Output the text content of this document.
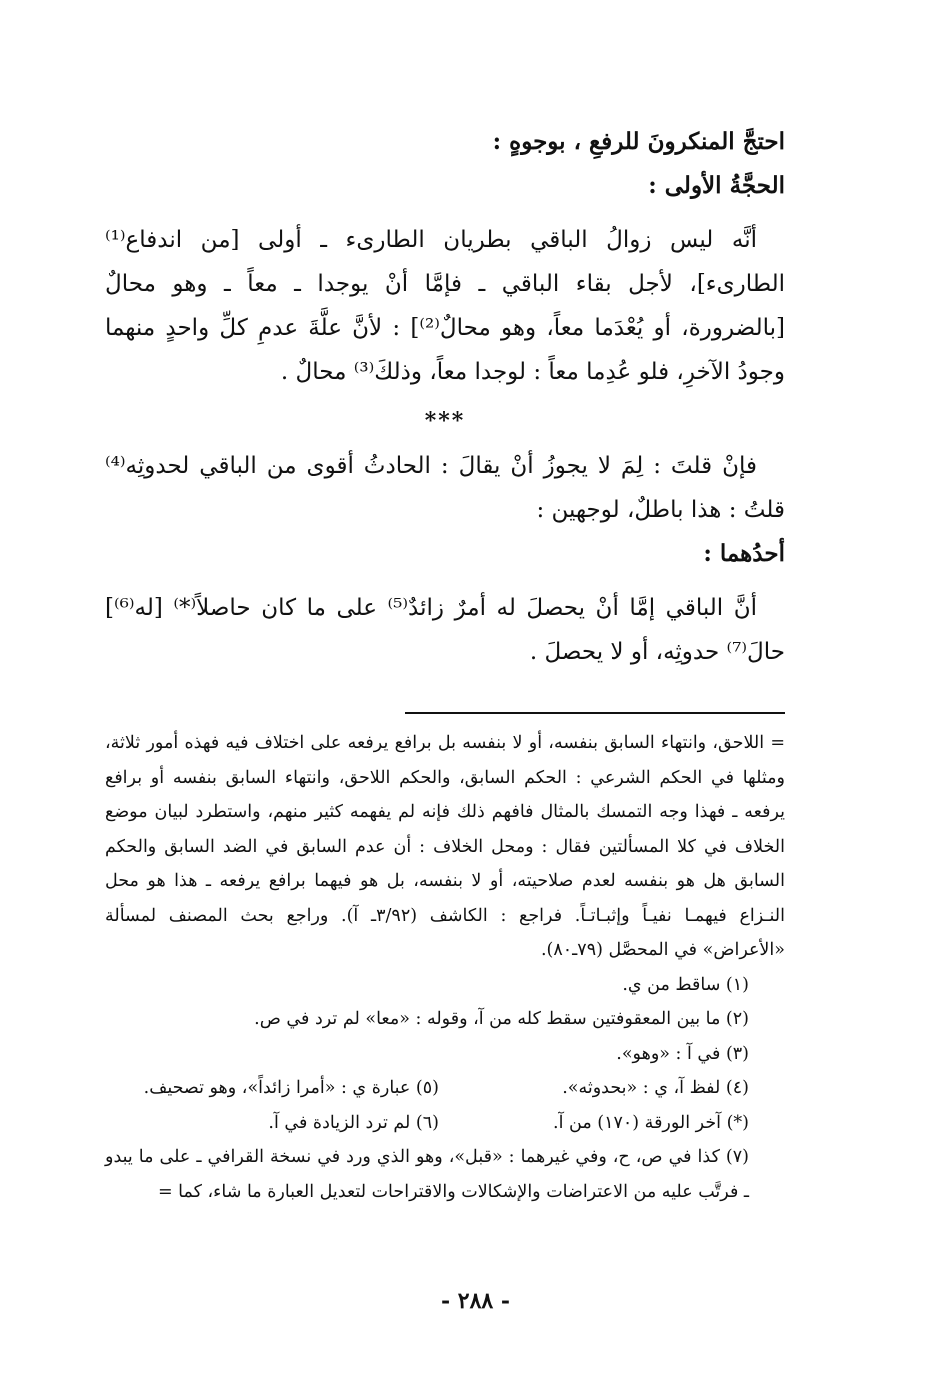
احتجَّ المنكرونَ للرفعِ ، بوجوهٍ :

الحجَّةُ الأولى :

أنَّه ليس زوالُ الباقي بطريان الطارىء ـ أولى [من اندفاع⁽¹⁾ الطارىء]، لأجل بقاء الباقي ـ فإمَّا أنْ يوجدا ـ معاً ـ وهو محالٌ [بالضرورة، أو يُعْدَما معاً، وهو محالٌ⁽²⁾] : لأنَّ علَّةَ عدمِ كلِّ واحدٍ منهما وجودُ الآخرِ، فلو عُدِما معاً : لوجدا معاً، وذلكَ⁽³⁾ محالٌ .

***

فإنْ قلتَ : لِمَ لا يجوزُ أنْ يقالَ : الحادثُ أقوى من الباقي لحدوثِه⁽⁴⁾ قلتُ : هذا باطلٌ، لوجهين :

أحدُهما :

أنَّ الباقي إمَّا أنْ يحصلَ له أمرٌ زائدٌ⁽⁵⁾ على ما كان حاصلاً⁽*⁾ [له⁽⁶⁾] حالَ⁽⁷⁾ حدوثِه، أو لا يحصلَ .

= اللاحق، وانتهاء السابق بنفسه، أو لا بنفسه بل برافع يرفعه على اختلاف فيه فهذه أمور ثلاثة، ومثلها في الحكم الشرعي : الحكم السابق، والحكم اللاحق، وانتهاء السابق بنفسه أو برافع يرفعه ـ فهذا وجه التمسك بالمثال فافهم ذلك فإنه لم يفهمه كثير منهم، واستطرد لبيان موضع الخلاف في كلا المسألتين فقال : ومحل الخلاف : أن عدم السابق في الضد السابق والحكم السابق هل هو بنفسه لعدم صلاحيته، أو لا بنفسه، بل هو فيهما برافع يرفعه ـ هذا هو محل النـزاع فيهمـا نفيـاً وإثبـاتـاً. فراجع : الكاشف (٣/٩٢ـ آ). وراجع بحث المصنف لمسألة «الأعراض» في المحصَّل (٧٩ـ٨٠).

(١) ساقط من ي.

(٢) ما بين المعقوفتين سقط كله من آ، وقوله : «معا» لم ترد في ص.

(٣) في آ : «وهو».

(٤) لفظ آ، ي : «بحدوثه».
(٥) عبارة ي : «أمرا زائداً»، وهو تصحيف.
(*) آخر الورقة (١٧٠) من آ.
(٦) لم ترد الزيادة في آ.

(٧) كذا في ص، ح، وفي غيرهما : «قبل»، وهو الذي ورد في نسخة القرافي ـ على ما يبدو ـ فرتَّب عليه من الاعتراضات والإشكالات والاقتراحات لتعديل العبارة ما شاء، كما =

- ٢٨٨ -
